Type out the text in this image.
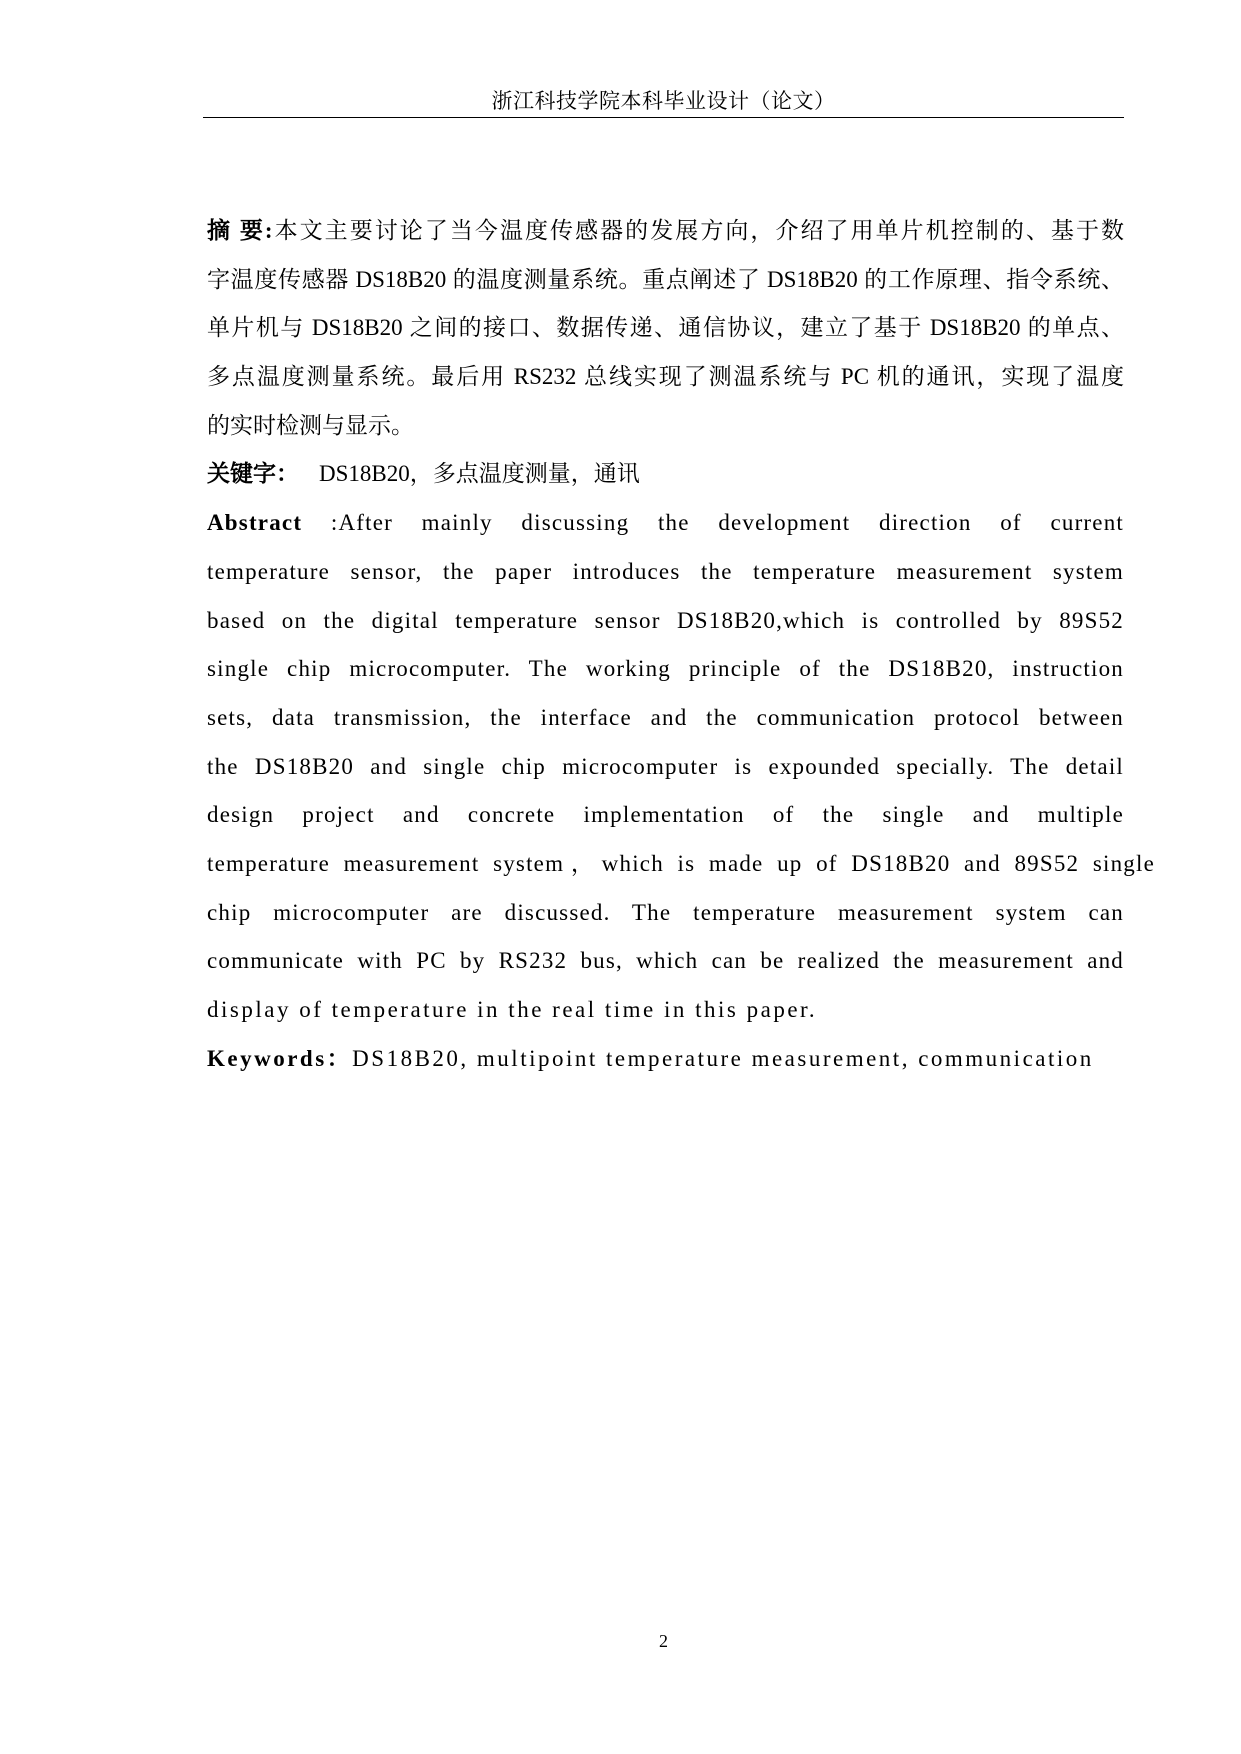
浙江科技学院本科毕业设计（论文）
摘 要:本文主要讨论了当今温度传感器的发展方向，介绍了用单片机控制的、基于数
字温度传感器 DS18B20 的温度测量系统。重点阐述了 DS18B20 的工作原理、指令系统、
单片机与 DS18B20 之间的接口、数据传递、通信协议，建立了基于 DS18B20 的单点、
多点温度测量系统。最后用 RS232 总线实现了测温系统与 PC 机的通讯，实现了温度
的实时检测与显示。
关键字： DS18B20，多点温度测量，通讯
Abstract :After mainly discussing the development direction of current
temperature sensor, the paper introduces the temperature measurement system
based on the digital temperature sensor DS18B20,which is controlled by 89S52
single chip microcomputer. The working principle of the DS18B20, instruction
sets, data transmission, the interface and the communication protocol between
the DS18B20 and single chip microcomputer is expounded specially. The detail
design project and concrete implementation of the single and multiple
temperature measurement system，which is made up of DS18B20 and 89S52 single
chip microcomputer are discussed. The temperature measurement system can
communicate with PC by RS232 bus, which can be realized the measurement and
display of temperature in the real time in this paper.
Keywords：DS18B20, multipoint temperature measurement, communication
2
